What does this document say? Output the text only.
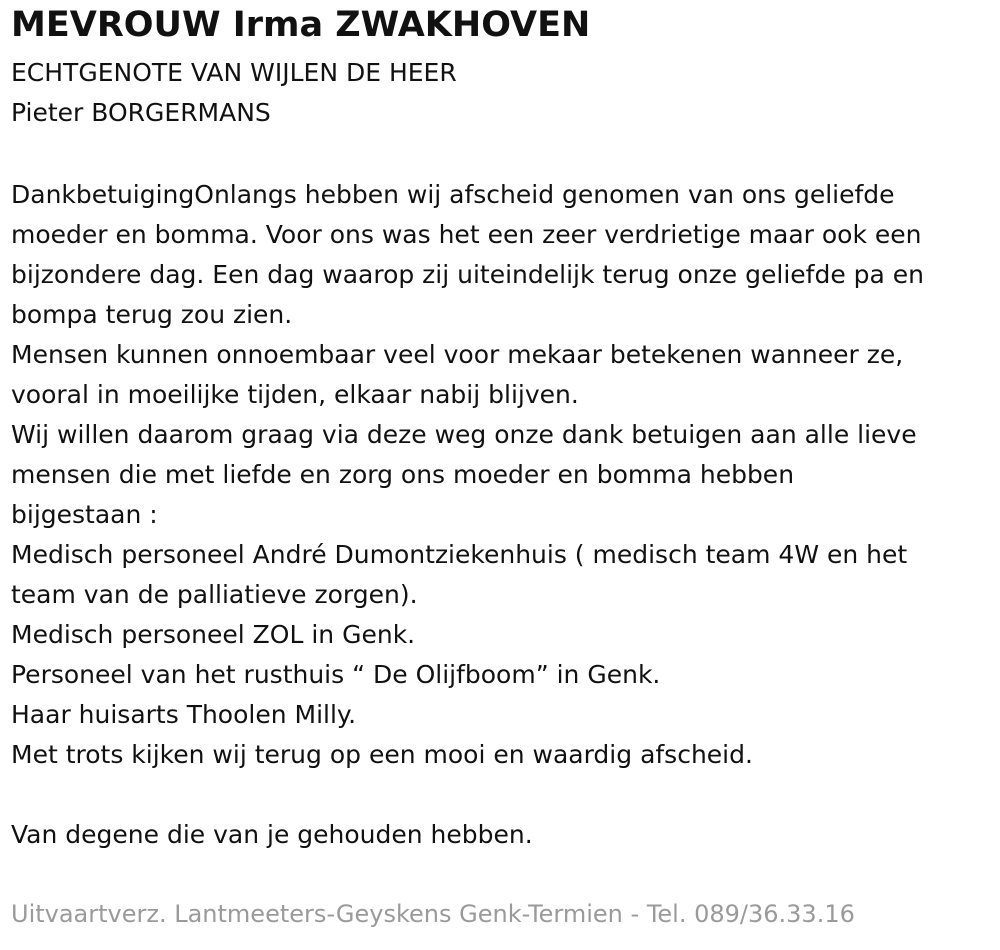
MEVROUW Irma ZWAKHOVEN

ECHTGENOTE VAN WIJLEN DE HEER

Pieter BORGERMANS

DankbetuigingOnlangs hebben wij afscheid genomen van ons geliefde
moeder en bomma. Voor ons was het een zeer verdrietige maar ook een
bijzondere dag. Een dag waarop zij uiteindelijk terug onze geliefde pa en
bompa terug zou zien.
Mensen kunnen onnoembaar veel voor mekaar betekenen wanneer ze,
vooral in moeilijke tijden, elkaar nabij blijven.
Wij willen daarom graag via deze weg onze dank betuigen aan alle lieve
mensen die met liefde en zorg ons moeder en bomma hebben
bijgestaan :
Medisch personeel André Dumontziekenhuis ( medisch team 4W en het
team van de palliatieve zorgen).
Medisch personeel ZOL in Genk.
Personeel van het rusthuis “ De Olijfboom” in Genk.
Haar huisarts Thoolen Milly.
Met trots kijken wij terug op een mooi en waardig afscheid.
Van degene die van je gehouden hebben.

Uitvaartverz. Lantmeeters-Geyskens Genk-Termien - Tel. 089/36.33.16
